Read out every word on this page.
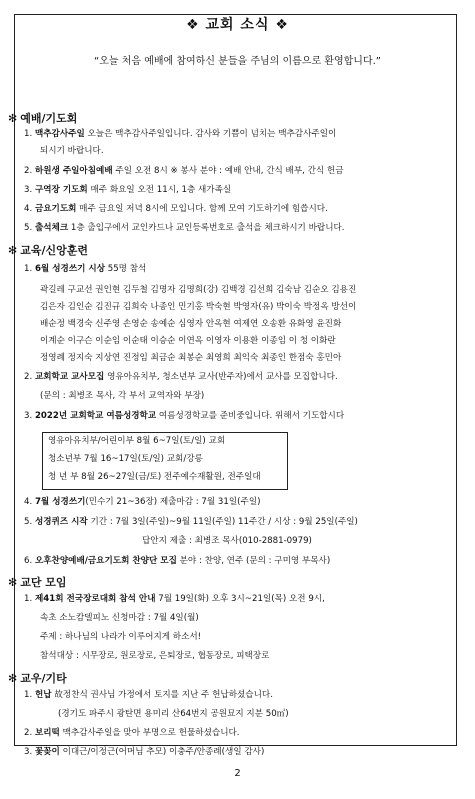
❖ 교회 소식 ❖
“오늘 처음 예배에 참여하신 분들을 주님의 이름으로 환영합니다.”
✻ 예배/기도회
1. 맥추감사주일 오늘은 맥추감사주일입니다. 감사와 기쁨이 넘치는 맥추감사주일이
되시기 바랍니다.
2. 하원생 주일아침예배 주일 오전 8시 ※ 봉사 분야 : 예배 안내, 간식 배부, 간식 헌금
3. 구역장 기도회 매주 화요일 오전 11시, 1층 새가족실
4. 금요기도회 매주 금요일 저녁 8시에 모입니다. 함께 모여 기도하기에 힘씁시다.
5. 출석체크 1층 출입구에서 교인카드나 교인등록번호로 출석을 체크하시기 바랍니다.
✻ 교육/신앙훈련
1. 6월 성경쓰기 시상 55명 참석
곽길레 구교선 권인현 김두철 김명자 김명희(강) 김백경 김선희 김숙남 김순오 김용진
김은자 김인순 김진규 김희숙 나종인 민기홍 박숙현 박영자(유) 박이숙 박정옥 방선이
배순정 백경숙 신주영 손영순 송예순 심영자 안옥현 여제연 오송환 유화영 윤진화
이계순 이구슨 이순임 이순태 이승순 이연옥 이영자 이용환 이종임 이 청 이화란
정영례 정지숙 지상연 진정임 최금순 최봉순 최영희 최익숙 최종인 한점숙 홍민아
2. 교회학교 교사모집 영유아유치부, 청소년부 교사(반주자)에서 교사를 모집합니다.
(문의 : 최병조 목사, 각 부서 교역자와 부장)
3. 2022년 교회학교 여름성경학교 여름성경학교를 준비중입니다. 위해서 기도합시다
영유아유치부/어린이부 8월 6~7일(토/일) 교회
청소년부 7월 16~17일(토/일) 교회/강릉
청 년 부 8월 26~27일(금/토) 전주예수재활원, 전주일대
4. 7월 성경쓰기(민수기 21~36장) 제출마감 : 7월 31일(주일)
5. 성경퀴즈 시작 기간 : 7월 3일(주일)~9월 11일(주일) 11주간 / 시상 : 9월 25일(주일)
답안지 제출 : 최병조 목사(010-2881-0979)
6. 오후찬양예배/금요기도회 찬양단 모집 분야 : 찬양, 연주 (문의 : 구미영 부목사)
✻ 교단 모임
1. 제41회 전국장로대회 참석 안내 7월 19일(화) 오후 3시~21일(목) 오전 9시,
속초 소노캄델피노 신청마감 : 7월 4일(월)
주제 : 하나님의 나라가 이루어지게 하소서!
참석대상 : 시무장로, 원로장로, 은퇴장로, 협동장로, 피택장로
✻ 교우/기타
1. 헌납 故정찬식 권사님 가정에서 토지를 지난 주 헌납하셨습니다.
(경기도 파주시 광탄면 용미리 산64번지 공원묘지 지분 50㎡)
2. 보리떡 맥추감사주일을 맞아 부명으로 헌물하셨습니다.
3. 꽃꽂이 이대근/이정근(어머님 추모) 이충주/안종례(생일 감사)
2
